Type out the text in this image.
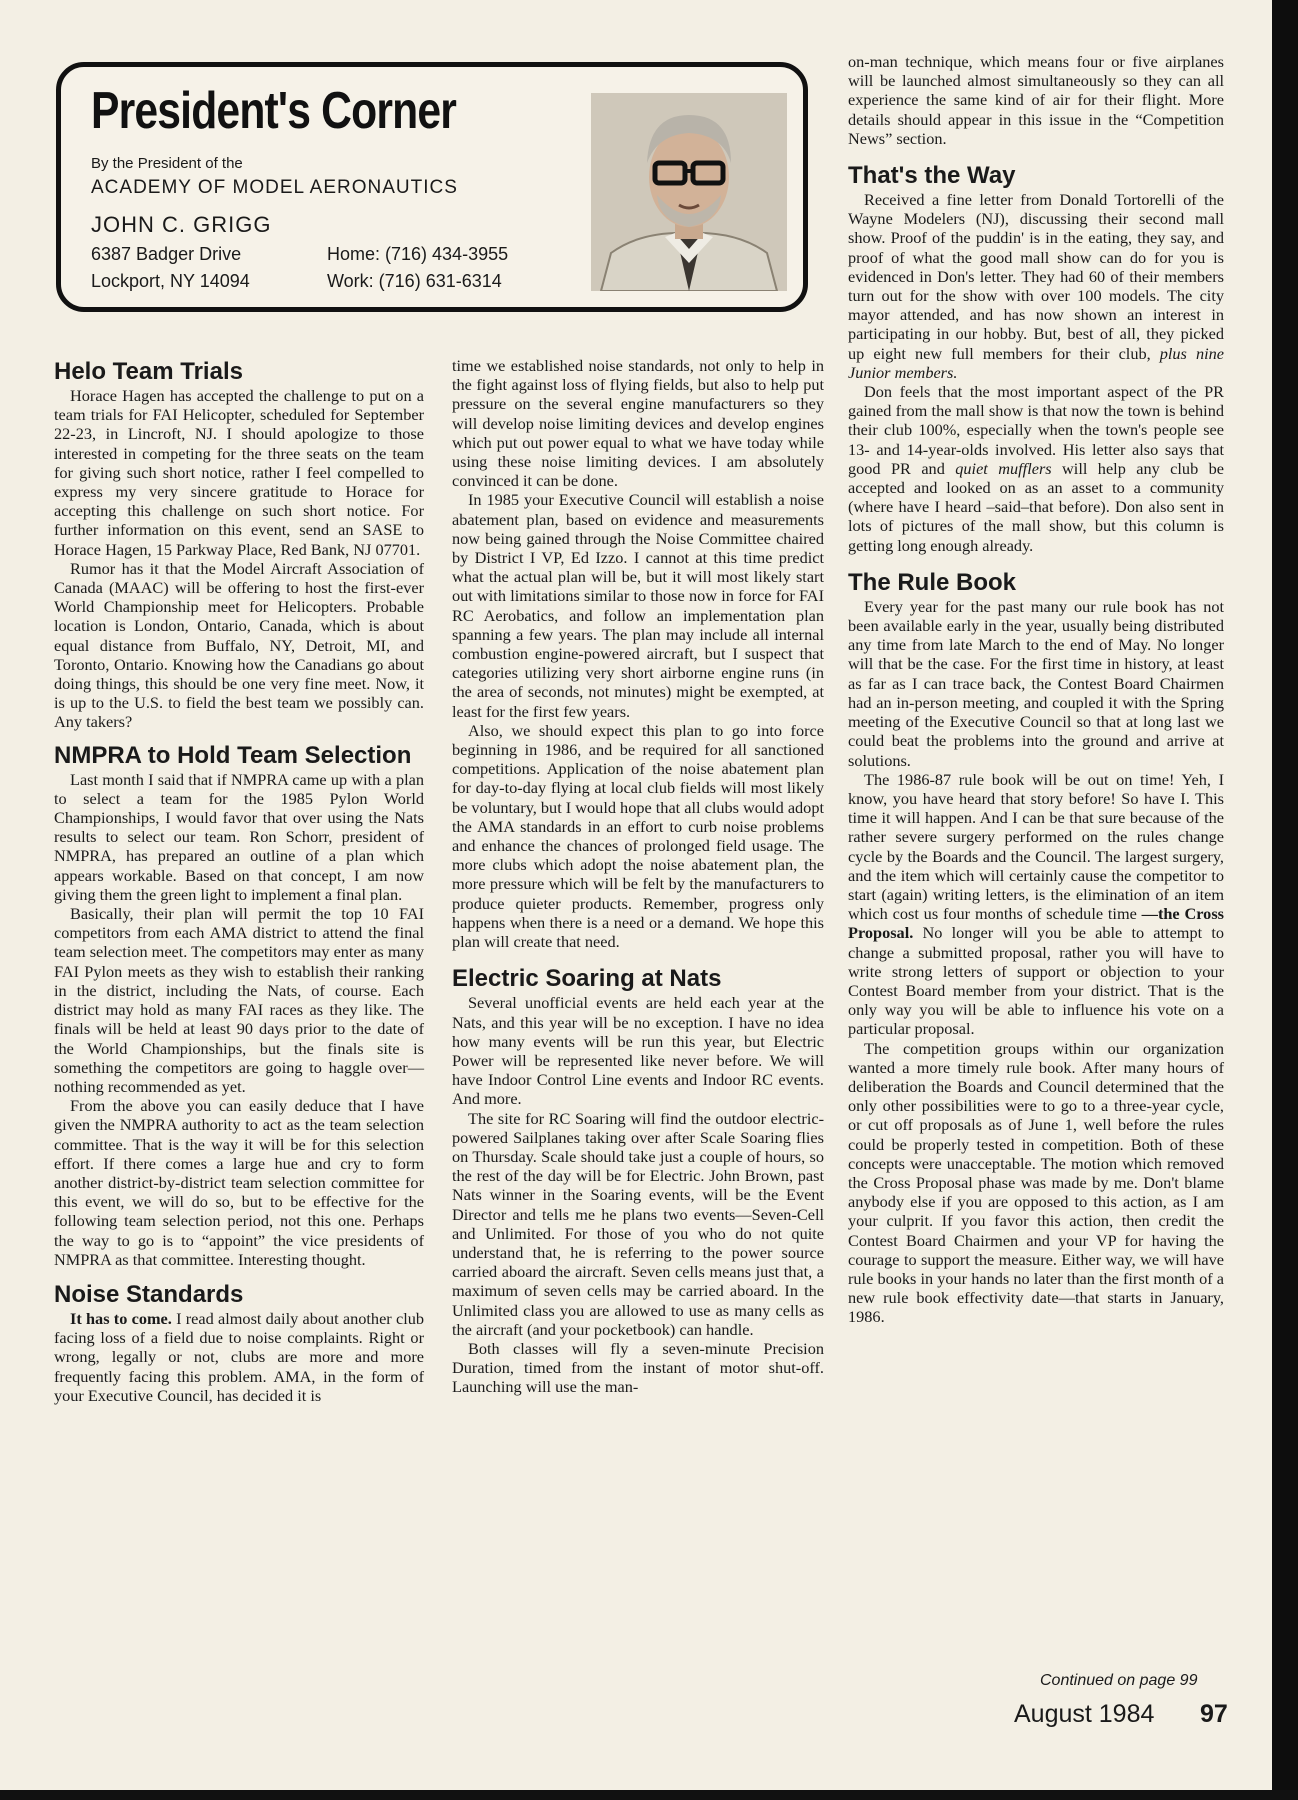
President's Corner
By the President of the
ACADEMY OF MODEL AERONAUTICS
JOHN C. GRIGG
6387 Badger Drive
Lockport, NY 14094
Home: (716) 434-3955
Work: (716) 631-6314
Helo Team Trials

Horace Hagen has accepted the challenge to put on a team trials for FAI Helicopter, scheduled for September 22-23, in Lincroft, NJ. I should apologize to those interested in competing for the three seats on the team for giving such short notice, rather I feel compelled to express my very sincere gratitude to Horace for accepting this challenge on such short notice. For further information on this event, send an SASE to Horace Hagen, 15 Parkway Place, Red Bank, NJ 07701.

Rumor has it that the Model Aircraft Association of Canada (MAAC) will be offering to host the first-ever World Championship meet for Helicopters. Probable location is London, Ontario, Canada, which is about equal distance from Buffalo, NY, Detroit, MI, and Toronto, Ontario. Knowing how the Canadians go about doing things, this should be one very fine meet. Now, it is up to the U.S. to field the best team we possibly can. Any takers?

NMPRA to Hold Team Selection

Last month I said that if NMPRA came up with a plan to select a team for the 1985 Pylon World Championships, I would favor that over using the Nats results to select our team. Ron Schorr, president of NMPRA, has prepared an outline of a plan which appears workable. Based on that concept, I am now giving them the green light to implement a final plan.

Basically, their plan will permit the top 10 FAI competitors from each AMA district to attend the final team selection meet. The competitors may enter as many FAI Pylon meets as they wish to establish their ranking in the district, including the Nats, of course. Each district may hold as many FAI races as they like. The finals will be held at least 90 days prior to the date of the World Championships, but the finals site is something the competitors are going to haggle over—nothing recommended as yet.

From the above you can easily deduce that I have given the NMPRA authority to act as the team selection committee. That is the way it will be for this selection effort. If there comes a large hue and cry to form another district-by-district team selection committee for this event, we will do so, but to be effective for the following team selection period, not this one. Perhaps the way to go is to “appoint” the vice presidents of NMPRA as that committee. Interesting thought.

Noise Standards

It has to come. I read almost daily about another club facing loss of a field due to noise complaints. Right or wrong, legally or not, clubs are more and more frequently facing this problem. AMA, in the form of your Executive Council, has decided it is

time we established noise standards, not only to help in the fight against loss of flying fields, but also to help put pressure on the several engine manufacturers so they will develop noise limiting devices and develop engines which put out power equal to what we have today while using these noise limiting devices. I am absolutely convinced it can be done.

In 1985 your Executive Council will establish a noise abatement plan, based on evidence and measurements now being gained through the Noise Committee chaired by District I VP, Ed Izzo. I cannot at this time predict what the actual plan will be, but it will most likely start out with limitations similar to those now in force for FAI RC Aerobatics, and follow an implementation plan spanning a few years. The plan may include all internal combustion engine-powered aircraft, but I suspect that categories utilizing very short airborne engine runs (in the area of seconds, not minutes) might be exempted, at least for the first few years.

Also, we should expect this plan to go into force beginning in 1986, and be required for all sanctioned competitions. Application of the noise abatement plan for day-to-day flying at local club fields will most likely be voluntary, but I would hope that all clubs would adopt the AMA standards in an effort to curb noise problems and enhance the chances of prolonged field usage. The more clubs which adopt the noise abatement plan, the more pressure which will be felt by the manufacturers to produce quieter products. Remember, progress only happens when there is a need or a demand. We hope this plan will create that need.

Electric Soaring at Nats

Several unofficial events are held each year at the Nats, and this year will be no exception. I have no idea how many events will be run this year, but Electric Power will be represented like never before. We will have Indoor Control Line events and Indoor RC events. And more.

The site for RC Soaring will find the outdoor electric-powered Sailplanes taking over after Scale Soaring flies on Thursday. Scale should take just a couple of hours, so the rest of the day will be for Electric. John Brown, past Nats winner in the Soaring events, will be the Event Director and tells me he plans two events—Seven-Cell and Unlimited. For those of you who do not quite understand that, he is referring to the power source carried aboard the aircraft. Seven cells means just that, a maximum of seven cells may be carried aboard. In the Unlimited class you are allowed to use as many cells as the aircraft (and your pocketbook) can handle.

Both classes will fly a seven-minute Precision Duration, timed from the instant of motor shut-off. Launching will use the man-

on-man technique, which means four or five airplanes will be launched almost simultaneously so they can all experience the same kind of air for their flight. More details should appear in this issue in the “Competition News” section.

That's the Way

Received a fine letter from Donald Tortorelli of the Wayne Modelers (NJ), discussing their second mall show. Proof of the puddin' is in the eating, they say, and proof of what the good mall show can do for you is evidenced in Don's letter. They had 60 of their members turn out for the show with over 100 models. The city mayor attended, and has now shown an interest in participating in our hobby. But, best of all, they picked up eight new full members for their club, plus nine Junior members.

Don feels that the most important aspect of the PR gained from the mall show is that now the town is behind their club 100%, especially when the town's people see 13- and 14-year-olds involved. His letter also says that good PR and quiet mufflers will help any club be accepted and looked on as an asset to a community (where have I heard –said–that before). Don also sent in lots of pictures of the mall show, but this column is getting long enough already.

The Rule Book

Every year for the past many our rule book has not been available early in the year, usually being distributed any time from late March to the end of May. No longer will that be the case. For the first time in history, at least as far as I can trace back, the Contest Board Chairmen had an in-person meeting, and coupled it with the Spring meeting of the Executive Council so that at long last we could beat the problems into the ground and arrive at solutions.

The 1986-87 rule book will be out on time! Yeh, I know, you have heard that story before! So have I. This time it will happen. And I can be that sure because of the rather severe surgery performed on the rules change cycle by the Boards and the Council. The largest surgery, and the item which will certainly cause the competitor to start (again) writing letters, is the elimination of an item which cost us four months of schedule time —the Cross Proposal. No longer will you be able to attempt to change a submitted proposal, rather you will have to write strong letters of support or objection to your Contest Board member from your district. That is the only way you will be able to influence his vote on a particular proposal.

The competition groups within our organization wanted a more timely rule book. After many hours of deliberation the Boards and Council determined that the only other possibilities were to go to a three-year cycle, or cut off proposals as of June 1, well before the rules could be properly tested in competition. Both of these concepts were unacceptable. The motion which removed the Cross Proposal phase was made by me. Don't blame anybody else if you are opposed to this action, as I am your culprit. If you favor this action, then credit the Contest Board Chairmen and your VP for having the courage to support the measure. Either way, we will have rule books in your hands no later than the first month of a new rule book effectivity date—that starts in January, 1986.

Continued on page 99
August 1984 97
